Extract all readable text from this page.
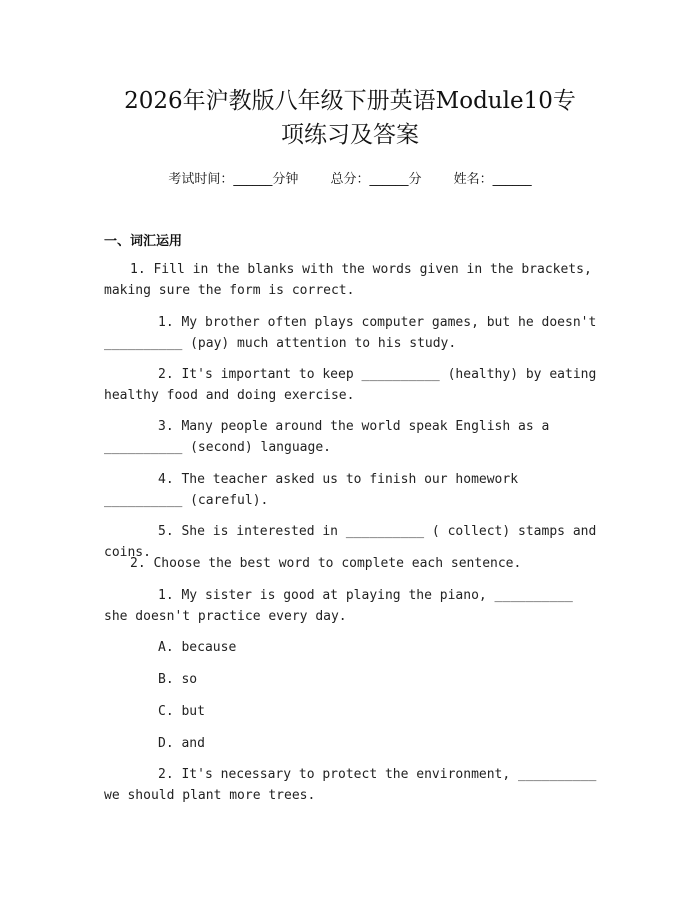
2026年沪教版八年级下册英语Module10专
项练习及答案
考试时间：______分钟 总分：______分 姓名：______
一、词汇运用
1. Fill in the blanks with the words given in the brackets, making sure the form is correct.
1. My brother often plays computer games, but he doesn't __________ (pay) much attention to his study.
2. It's important to keep __________ (healthy) by eating healthy food and doing exercise.
3. Many people around the world speak English as a __________ (second) language.
4. The teacher asked us to finish our homework __________ (careful).
5. She is interested in __________ ( collect) stamps and coins.
2. Choose the best word to complete each sentence.
1. My sister is good at playing the piano, __________ she doesn't practice every day.
A. because
B. so
C. but
D. and
2. It's necessary to protect the environment, __________ we should plant more trees.
